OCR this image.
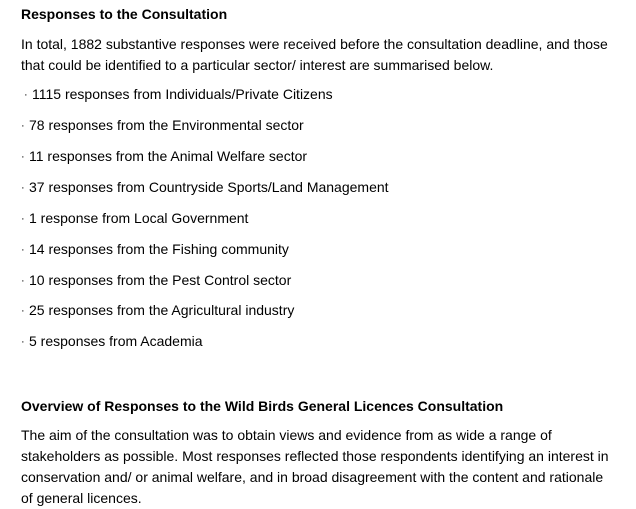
Responses to the Consultation
In total, 1882 substantive responses were received before the consultation deadline, and those
that could be identified to a particular sector/ interest are summarised below.
· 1115 responses from Individuals/Private Citizens
· 78 responses from the Environmental sector
· 11 responses from the Animal Welfare sector
· 37 responses from Countryside Sports/Land Management
· 1 response from Local Government
· 14 responses from the Fishing community
· 10 responses from the Pest Control sector
· 25 responses from the Agricultural industry
· 5 responses from Academia
Overview of Responses to the Wild Birds General Licences Consultation
The aim of the consultation was to obtain views and evidence from as wide a range of
stakeholders as possible. Most responses reflected those respondents identifying an interest in
conservation and/ or animal welfare, and in broad disagreement with the content and rationale
of general licences.
